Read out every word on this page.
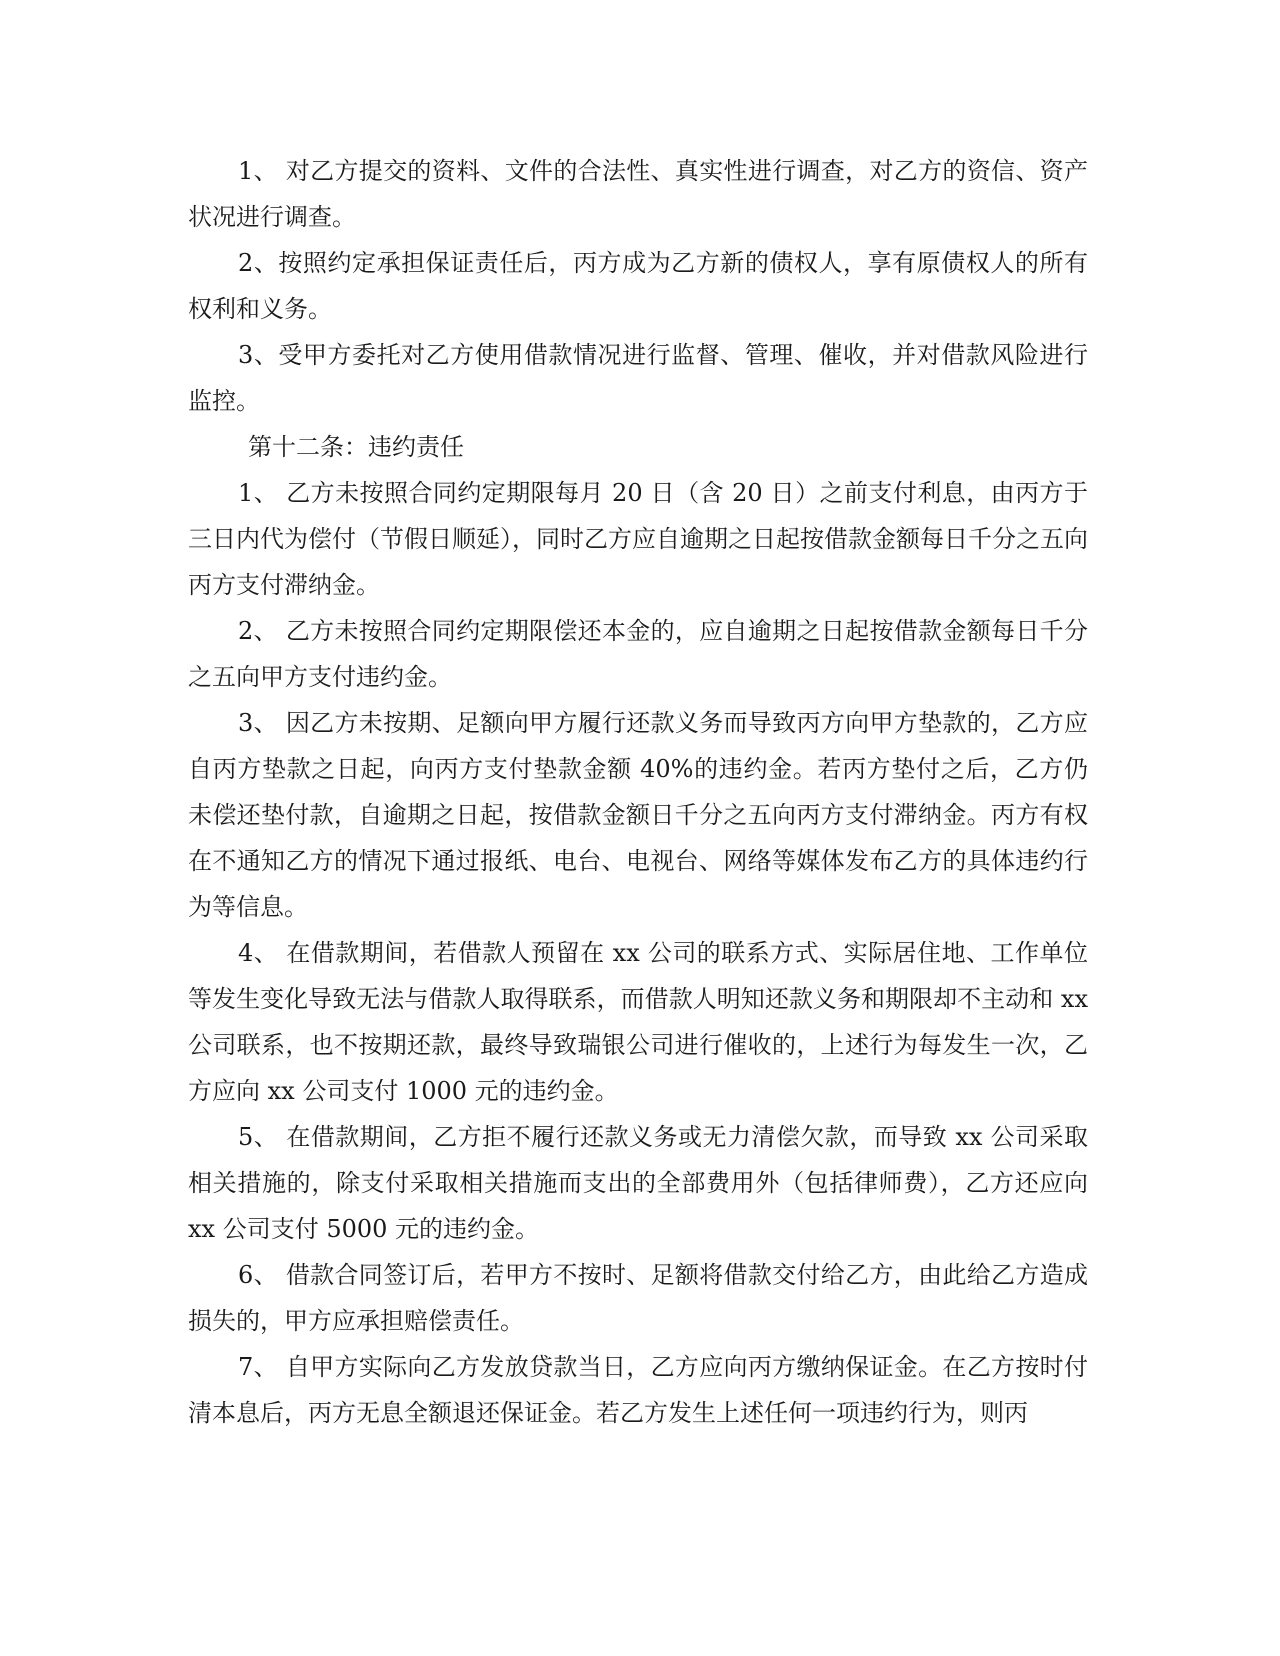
1、 对乙方提交的资料、文件的合法性、真实性进行调查，对乙方的资信、资产状况进行调查。

2、按照约定承担保证责任后，丙方成为乙方新的债权人，享有原债权人的所有权利和义务。

3、受甲方委托对乙方使用借款情况进行监督、管理、催收，并对借款风险进行监控。

第十二条：违约责任

1、 乙方未按照合同约定期限每月 20 日（含 20 日）之前支付利息，由丙方于三日内代为偿付（节假日顺延），同时乙方应自逾期之日起按借款金额每日千分之五向丙方支付滞纳金。

2、 乙方未按照合同约定期限偿还本金的，应自逾期之日起按借款金额每日千分之五向甲方支付违约金。

3、 因乙方未按期、足额向甲方履行还款义务而导致丙方向甲方垫款的，乙方应自丙方垫款之日起，向丙方支付垫款金额 40%的违约金。若丙方垫付之后，乙方仍未偿还垫付款，自逾期之日起，按借款金额日千分之五向丙方支付滞纳金。丙方有权在不通知乙方的情况下通过报纸、电台、电视台、网络等媒体发布乙方的具体违约行为等信息。

4、 在借款期间，若借款人预留在 xx 公司的联系方式、实际居住地、工作单位等发生变化导致无法与借款人取得联系，而借款人明知还款义务和期限却不主动和 xx 公司联系，也不按期还款，最终导致瑞银公司进行催收的，上述行为每发生一次，乙方应向 xx 公司支付 1000 元的违约金。

5、 在借款期间，乙方拒不履行还款义务或无力清偿欠款，而导致 xx 公司采取相关措施的，除支付采取相关措施而支出的全部费用外（包括律师费），乙方还应向 xx 公司支付 5000 元的违约金。

6、 借款合同签订后，若甲方不按时、足额将借款交付给乙方，由此给乙方造成损失的，甲方应承担赔偿责任。

7、 自甲方实际向乙方发放贷款当日，乙方应向丙方缴纳保证金。在乙方按时付清本息后，丙方无息全额退还保证金。若乙方发生上述任何一项违约行为，则丙
